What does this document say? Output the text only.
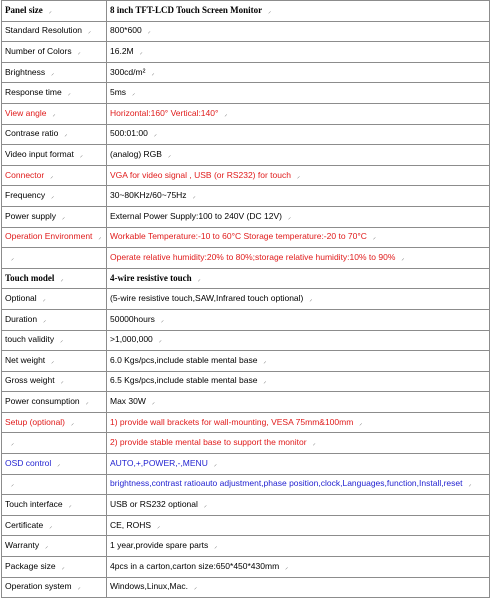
Panel size ⸝	8 inch TFT-LCD Touch Screen Monitor ⸝
Standard Resolution ⸝	800*600 ⸝
Number of Colors ⸝	16.2M ⸝
Brightness ⸝	300cd/m² ⸝
Response time ⸝	5ms ⸝
View angle ⸝	Horizontal:160° Vertical:140° ⸝
Contrase ratio ⸝	500:01:00 ⸝
Video input format ⸝	(analog) RGB ⸝
Connector ⸝	VGA for video signal , USB (or RS232) for touch ⸝
Frequency ⸝	30~80KHz/60~75Hz ⸝
Power supply ⸝	External Power Supply:100 to 240V (DC 12V) ⸝
Operation Environment ⸝	Workable Temperature:-10 to 60°C Storage temperature:-20 to 70°C ⸝
⸝	Operate relative humidity:20% to 80%;storage relative humidity:10% to 90% ⸝
Touch model ⸝	4-wire resistive touch ⸝
Optional ⸝	(5-wire resistive touch,SAW,Infrared touch optional) ⸝
Duration ⸝	50000hours ⸝
touch validity ⸝	>1,000,000 ⸝
Net weight ⸝	6.0 Kgs/pcs,include stable mental base ⸝
Gross weight ⸝	6.5 Kgs/pcs,include stable mental base ⸝
Power consumption ⸝	Max 30W ⸝
Setup (optional) ⸝	1) provide wall brackets for wall-mounting, VESA 75mm&100mm ⸝
⸝	2) provide stable mental base to support the monitor ⸝
OSD control ⸝	AUTO,+,POWER,-,MENU ⸝
⸝	brightness,contrast ratioauto adjustment,phase position,clock,Languages,function,Install,reset ⸝
Touch interface ⸝	USB or RS232 optional ⸝
Certificate ⸝	CE, ROHS ⸝
Warranty ⸝	1 year,provide spare parts ⸝
Package size ⸝	4pcs in a carton,carton size:650*450*430mm ⸝
Operation system ⸝	Windows,Linux,Mac. ⸝
